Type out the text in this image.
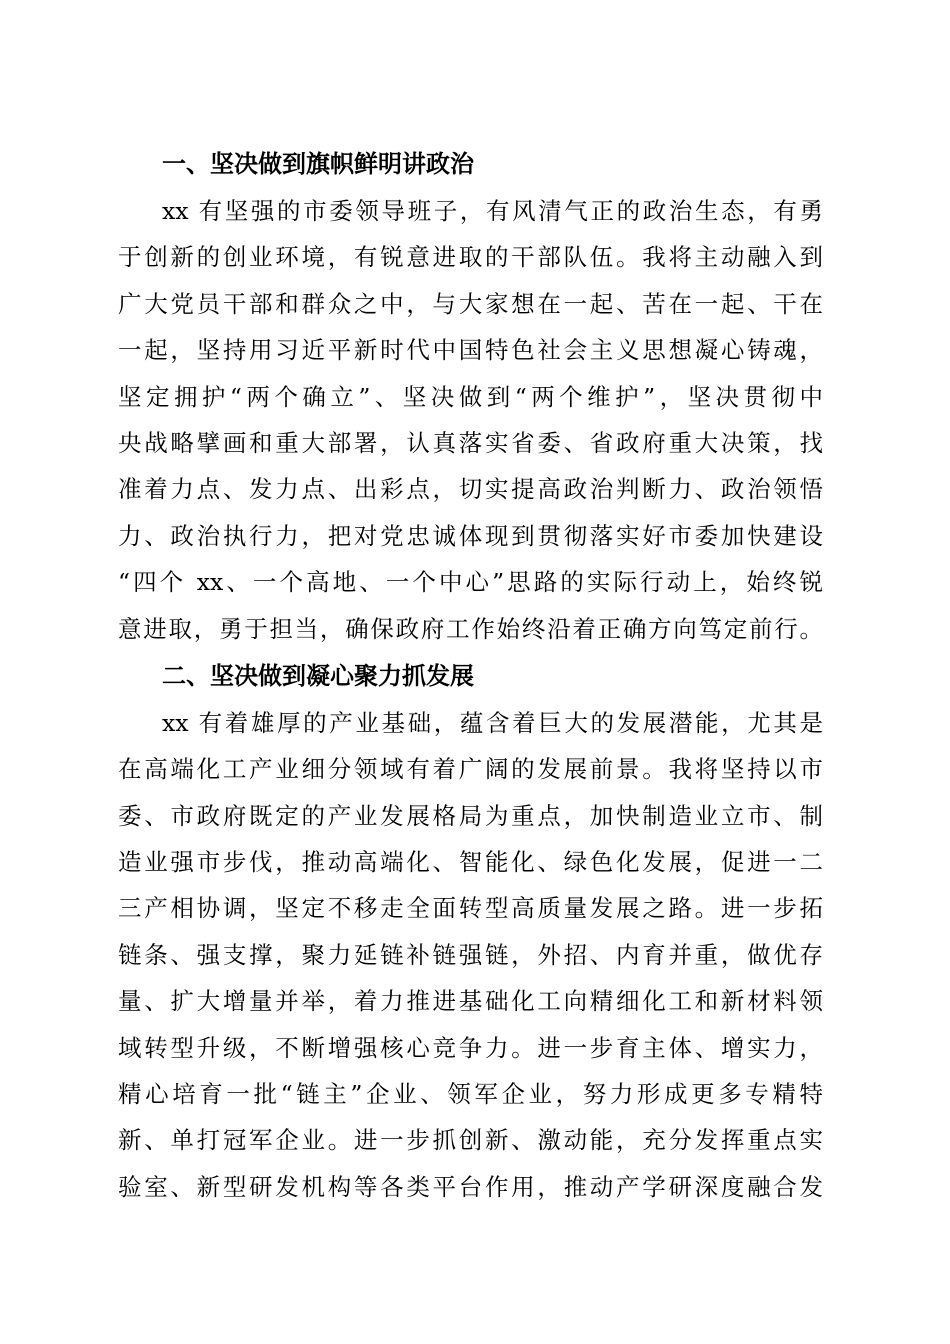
一、坚决做到旗帜鲜明讲政治
xx 有坚强的市委领导班子，有风清气正的政治生态，有勇
于创新的创业环境，有锐意进取的干部队伍。我将主动融入到
广大党员干部和群众之中，与大家想在一起、苦在一起、干在
一起，坚持用习近平新时代中国特色社会主义思想凝心铸魂，
坚定拥护“两个确立”、坚决做到“两个维护”，坚决贯彻中
央战略擘画和重大部署，认真落实省委、省政府重大决策，找
准着力点、发力点、出彩点，切实提高政治判断力、政治领悟
力、政治执行力，把对党忠诚体现到贯彻落实好市委加快建设
“四个 xx、一个高地、一个中心”思路的实际行动上，始终锐
意进取，勇于担当，确保政府工作始终沿着正确方向笃定前行。
二、坚决做到凝心聚力抓发展
xx 有着雄厚的产业基础，蕴含着巨大的发展潜能，尤其是
在高端化工产业细分领域有着广阔的发展前景。我将坚持以市
委、市政府既定的产业发展格局为重点，加快制造业立市、制
造业强市步伐，推动高端化、智能化、绿色化发展，促进一二
三产相协调，坚定不移走全面转型高质量发展之路。进一步拓
链条、强支撑，聚力延链补链强链，外招、内育并重，做优存
量、扩大增量并举，着力推进基础化工向精细化工和新材料领
域转型升级，不断增强核心竞争力。进一步育主体、增实力，
精心培育一批“链主”企业、领军企业，努力形成更多专精特
新、单打冠军企业。进一步抓创新、激动能，充分发挥重点实
验室、新型研发机构等各类平台作用，推动产学研深度融合发
